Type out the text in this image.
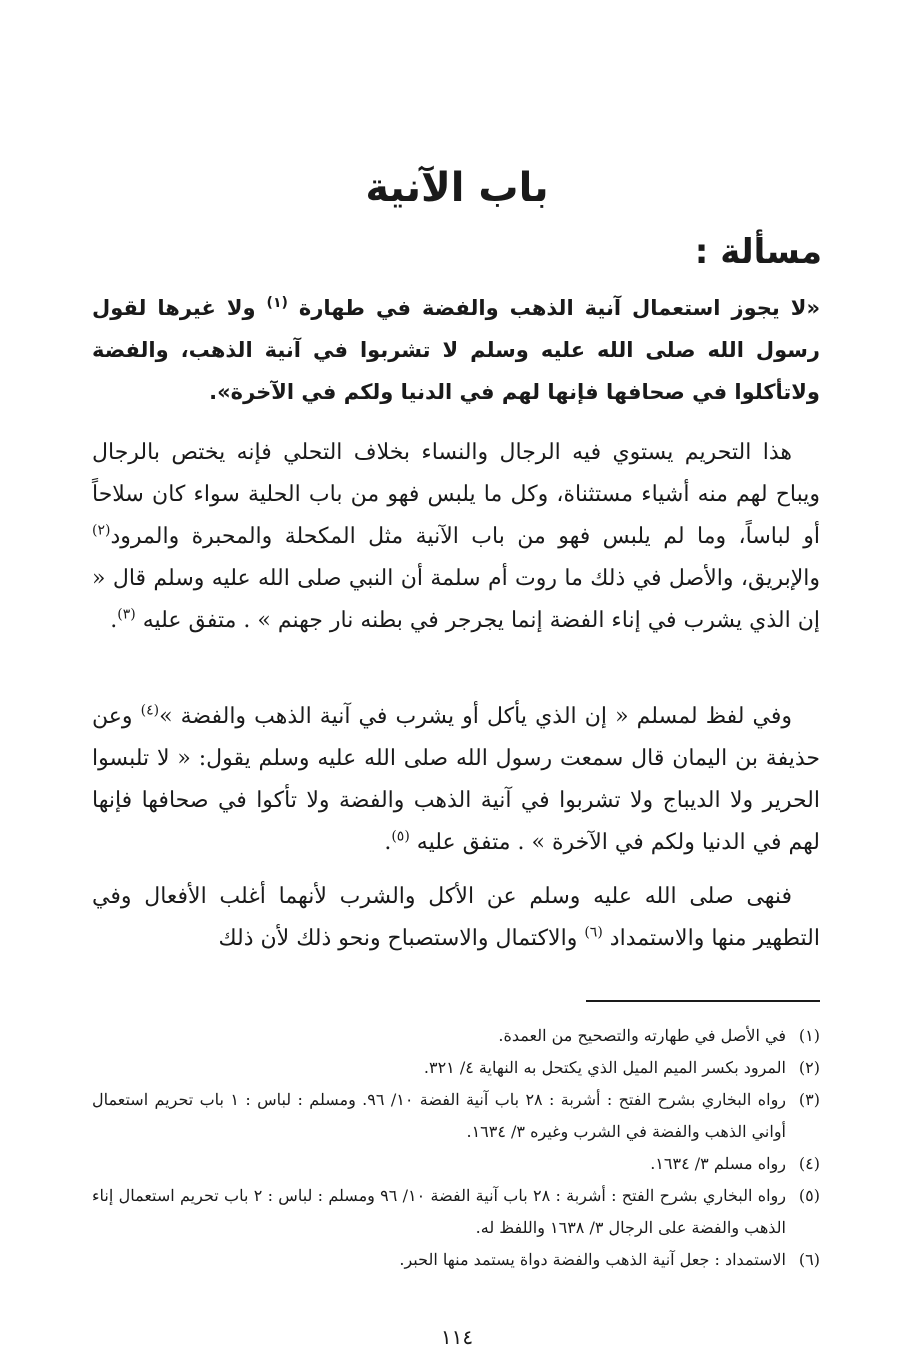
باب الآنية
مسألة :

«لا يجوز استعمال آنية الذهب والفضة في طهارة $^{(١)}$ ولا غيرها لقول رسول الله صلى الله عليه وسلم لا تشربوا في آنية الذهب، والفضة ولاتأكلوا في صحافها فإنها لهم في الدنيا ولكم في الآخرة».

هذا التحريم يستوي فيه الرجال والنساء بخلاف التحلي فإنه يختص بالرجال ويباح لهم منه أشياء مستثناة، وكل ما يلبس فهو من باب الحلية سواء كان سلاحاً أو لباساً، وما لم يلبس فهو من باب الآنية مثل المكحلة والمحبرة والمرود$^{(٢)}$ والإبريق، والأصل في ذلك ما روت أم سلمة أن النبي صلى الله عليه وسلم قال « إن الذي يشرب في إناء الفضة إنما يجرجر في بطنه نار جهنم » . متفق عليه $^{(٣)}$.

وفي لفظ لمسلم « إن الذي يأكل أو يشرب في آنية الذهب والفضة »$^{(٤)}$ وعن حذيفة بن اليمان قال سمعت رسول الله صلى الله عليه وسلم يقول: « لا تلبسوا الحرير ولا الديباج ولا تشربوا في آنية الذهب والفضة ولا تأكوا في صحافها فإنها لهم في الدنيا ولكم في الآخرة » . متفق عليه $^{(٥)}$.

فنهى صلى الله عليه وسلم عن الأكل والشرب لأنهما أغلب الأفعال وفي التطهير منها والاستمداد $^{(٦)}$ والاكتمال والاستصباح ونحو ذلك لأن ذلك

(١)
في الأصل في طهارته والتصحيح من العمدة.
(٢)
المرود بكسر الميم الميل الذي يكتحل به النهاية ٤/ ٣٢١.
(٣)
رواه البخاري بشرح الفتح : أشربة : ٢٨ باب آنية الفضة ١٠/ ٩٦. ومسلم : لباس : ١ باب تحريم استعمال أواني الذهب والفضة في الشرب وغيره ٣/ ١٦٣٤.
(٤)
رواه مسلم ٣/ ١٦٣٤.
(٥)
رواه البخاري بشرح الفتح : أشربة : ٢٨ باب آنية الفضة ١٠/ ٩٦ ومسلم : لباس : ٢ باب تحريم استعمال إناء الذهب والفضة على الرجال ٣/ ١٦٣٨ واللفظ له.
(٦)
الاستمداد : جعل آنية الذهب والفضة دواة يستمد منها الحبر.
١١٤
